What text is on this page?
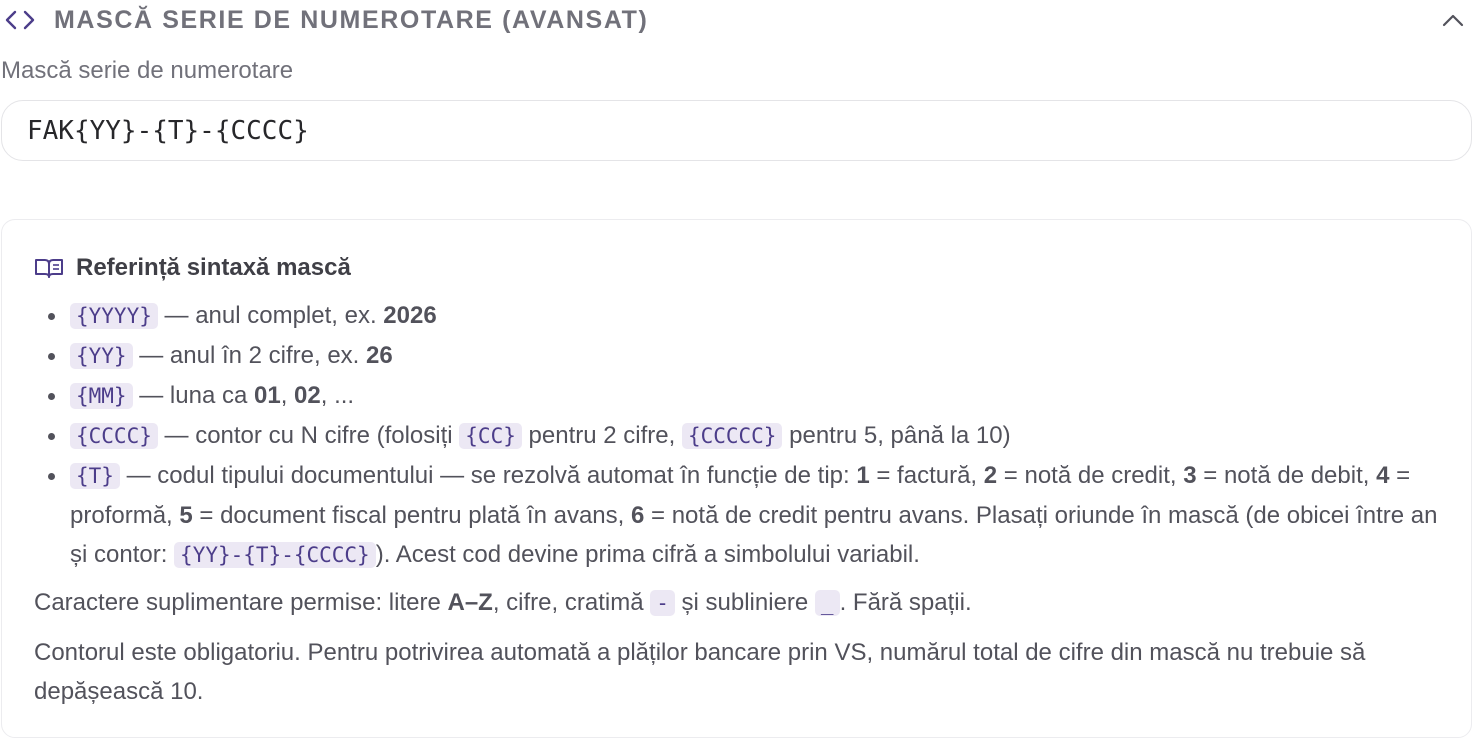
MASCĂ SERIE DE NUMEROTARE (AVANSAT)
Mască serie de numerotare
FAK{YY}-{T}-{CCCC}
Referință sintaxă mască
{YYYY} — anul complet, ex. 2026
{YY} — anul în 2 cifre, ex. 26
{MM} — luna ca 01, 02, ...
{CCCC} — contor cu N cifre (folosiți {CC} pentru 2 cifre, {CCCCC} pentru 5, până la 10)
{T} — codul tipului documentului — se rezolvă automat în funcție de tip: 1 = factură, 2 = notă de credit, 3 = notă de debit, 4 = proformă, 5 = document fiscal pentru plată în avans, 6 = notă de credit pentru avans. Plasați oriunde în mască (de obicei între an și contor: {YY}-{T}-{CCCC} ). Acest cod devine prima cifră a simbolului variabil.

Caractere suplimentare permise: litere A–Z, cifre, cratimă - și subliniere _ . Fără spații.

Contorul este obligatoriu. Pentru potrivirea automată a plăților bancare prin VS, numărul total de cifre din mască nu trebuie să depășească 10.
